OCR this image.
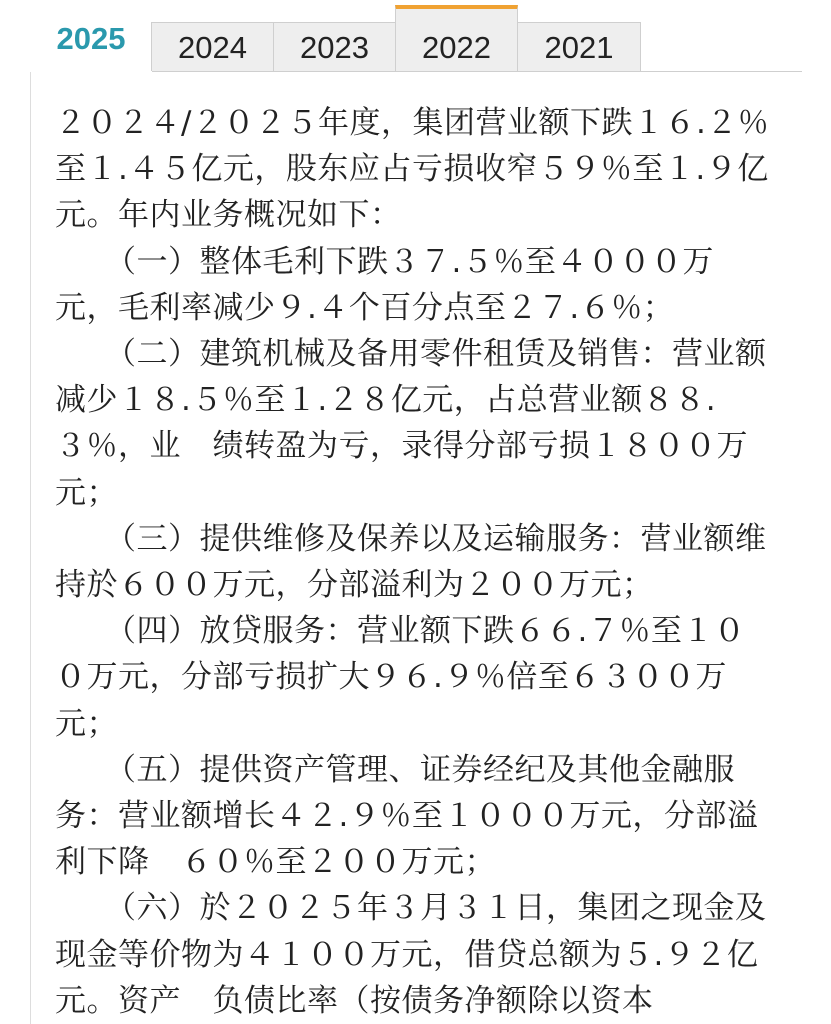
2025	2024	2023	2022	2021

２０２４/２０２５年度，集团营业额下跌１６.２％至１.４５亿元，股东应占亏损收窄５９％至１.９亿　元。年内业务概况如下：

（一）整体毛利下跌３７.５％至４０００万元，毛利率减少９.４个百分点至２７.６％；

（二）建筑机械及备用零件租赁及销售：营业额减少１８.５％至１.２８亿元，占总营业额８８.３％，业　绩转盈为亏，录得分部亏损１８００万元；

（三）提供维修及保养以及运输服务：营业额维持於６００万元，分部溢利为２００万元；

（四）放贷服务：营业额下跌６６.７％至１００万元，分部亏损扩大９６.９％倍至６３００万元；

（五）提供资产管理、证券经纪及其他金融服务：营业额增长４２.９％至１０００万元，分部溢利下降　６０％至２００万元；

（六）於２０２５年３月３１日，集团之现金及现金等价物为４１００万元，借贷总额为５.９２亿元。资产　负债比率（按债务净额除以资本
